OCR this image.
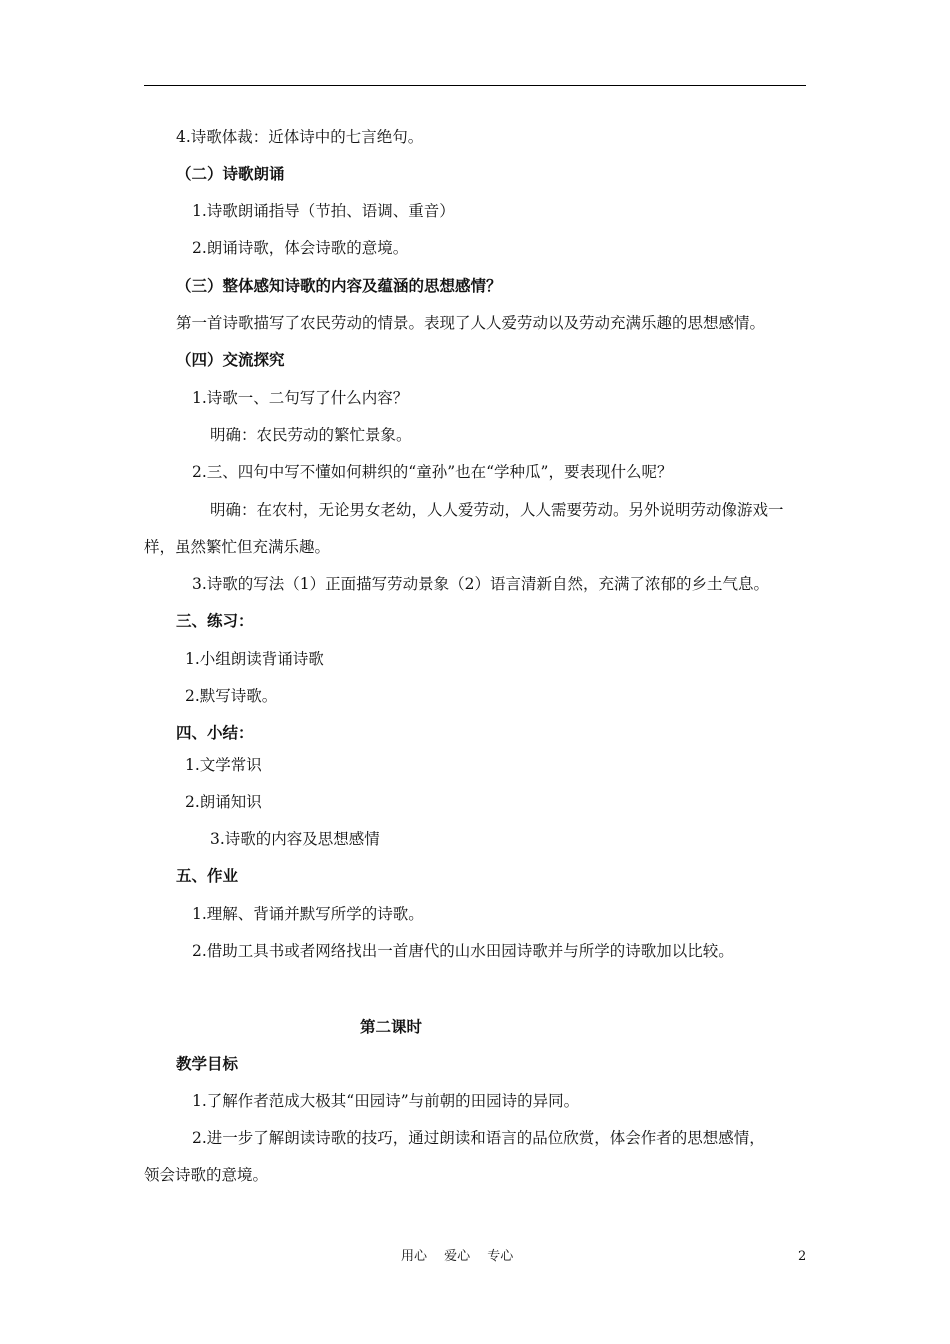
4.诗歌体裁：近体诗中的七言绝句。
（二）诗歌朗诵
1.诗歌朗诵指导（节拍、语调、重音）
2.朗诵诗歌，体会诗歌的意境。
（三）整体感知诗歌的内容及蕴涵的思想感情？
第一首诗歌描写了农民劳动的情景。表现了人人爱劳动以及劳动充满乐趣的思想感情。
（四）交流探究
1.诗歌一、二句写了什么内容？
明确：农民劳动的繁忙景象。
2.三、四句中写不懂如何耕织的“童孙”也在“学种瓜”，要表现什么呢？
明确：在农村，无论男女老幼，人人爱劳动，人人需要劳动。另外说明劳动像游戏一
样，虽然繁忙但充满乐趣。
3.诗歌的写法（1）正面描写劳动景象（2）语言清新自然，充满了浓郁的乡土气息。
三、练习：
1.小组朗读背诵诗歌
2.默写诗歌。
四、小结：
1.文学常识
2.朗诵知识
3.诗歌的内容及思想感情
五、作业
1.理解、背诵并默写所学的诗歌。
2.借助工具书或者网络找出一首唐代的山水田园诗歌并与所学的诗歌加以比较。
第二课时
教学目标
1.了解作者范成大极其“田园诗”与前朝的田园诗的异同。
2.进一步了解朗读诗歌的技巧，通过朗读和语言的品位欣赏，体会作者的思想感情，
领会诗歌的意境。
用心　 爱心　 专心	2
